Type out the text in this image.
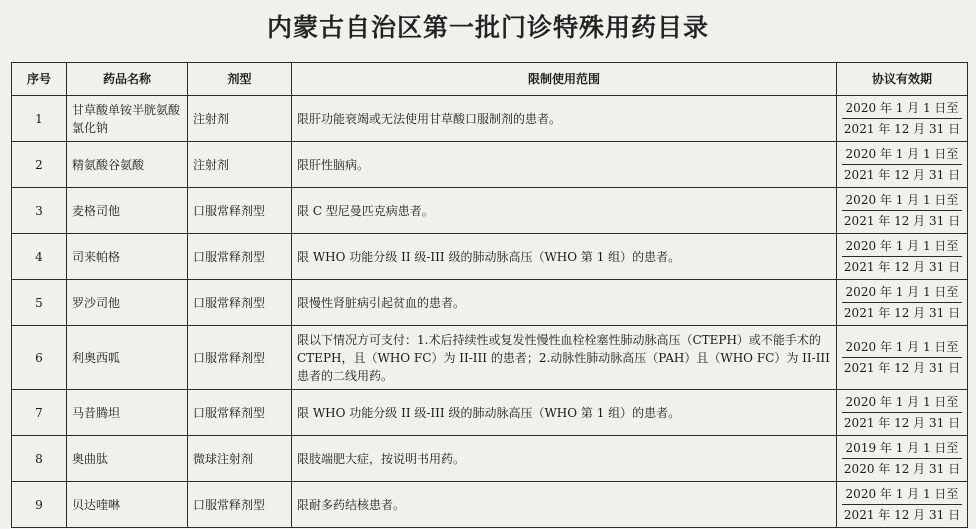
内蒙古自治区第一批门诊特殊用药目录
序号	药品名称	剂型	限制使用范围	协议有效期
1	甘草酸单铵半胱氨酸氯化钠	注射剂	限肝功能衰竭或无法使用甘草酸口服制剂的患者。	2020 年 1 月 1 日至
2021 年 12 月 31 日

2	精氨酸谷氨酸	注射剂	限肝性脑病。	2020 年 1 月 1 日至
2021 年 12 月 31 日

3	麦格司他	口服常释剂型	限 C 型尼曼匹克病患者。	2020 年 1 月 1 日至
2021 年 12 月 31 日

4	司来帕格	口服常释剂型	限 WHO 功能分级 II 级-III 级的肺动脉高压（WHO 第 1 组）的患者。	2020 年 1 月 1 日至
2021 年 12 月 31 日

5	罗沙司他	口服常释剂型	限慢性肾脏病引起贫血的患者。	2020 年 1 月 1 日至
2021 年 12 月 31 日

6	利奥西呱	口服常释剂型	限以下情况方可支付：1.术后持续性或复发性慢性血栓栓塞性肺动脉高压（CTEPH）或不能手术的 CTEPH，且（WHO FC）为 II-III 的患者；2.动脉性肺动脉高压（PAH）且（WHO FC）为 II-III 患者的二线用药。	2020 年 1 月 1 日至
2021 年 12 月 31 日

7	马昔腾坦	口服常释剂型	限 WHO 功能分级 II 级-III 级的肺动脉高压（WHO 第 1 组）的患者。	2020 年 1 月 1 日至
2021 年 12 月 31 日

8	奥曲肽	微球注射剂	限肢端肥大症，按说明书用药。	2019 年 1 月 1 日至
2020 年 12 月 31 日

9	贝达喹啉	口服常释剂型	限耐多药结核患者。	2020 年 1 月 1 日至
2021 年 12 月 31 日
